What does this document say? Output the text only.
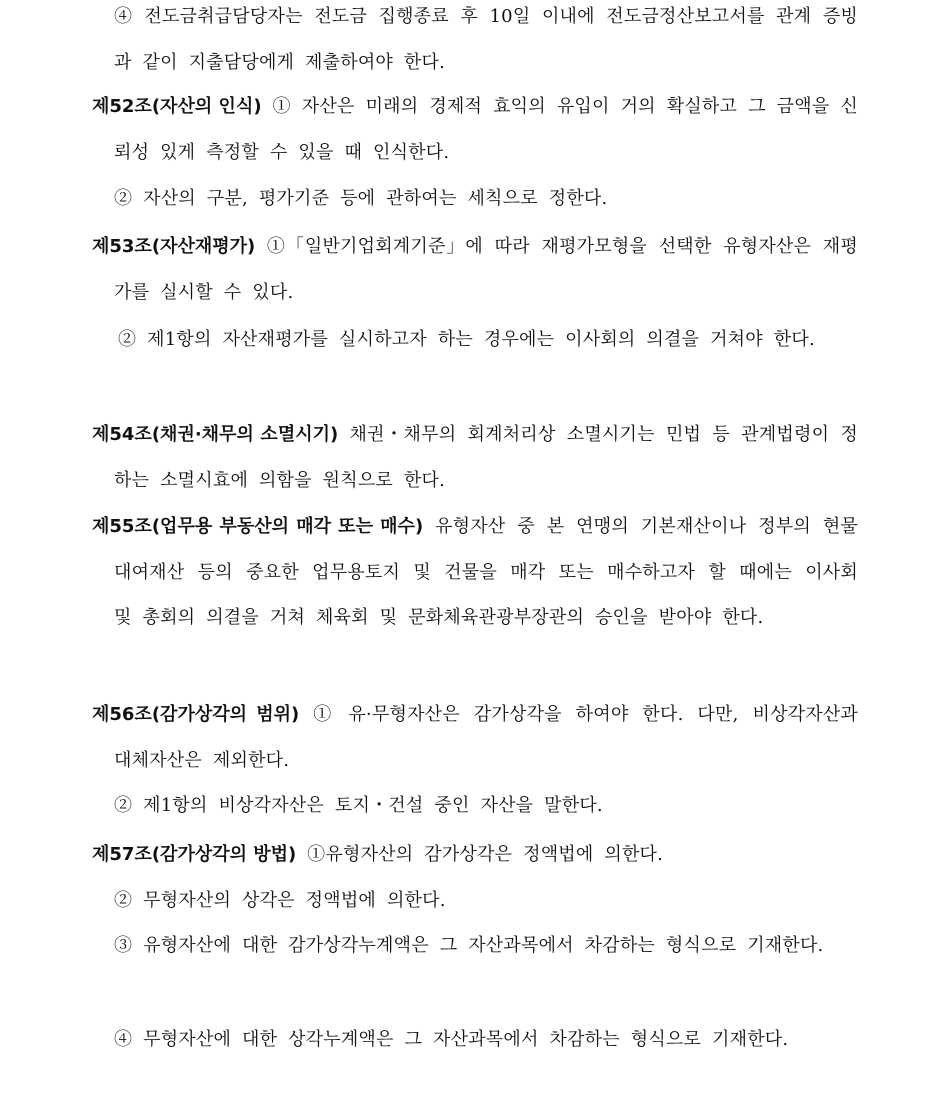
④ 전도금취급담당자는 전도금 집행종료 후 10일 이내에 전도금정산보고서를 관계 증빙과 같이 지출담당에게 제출하여야 한다.

제52조(자산의 인식) ① 자산은 미래의 경제적 효익의 유입이 거의 확실하고 그 금액을 신뢰성 있게 측정할 수 있을 때 인식한다.

② 자산의 구분, 평가기준 등에 관하여는 세칙으로 정한다.

제53조(자산재평가) ①「일반기업회계기준」에 따라 재평가모형을 선택한 유형자산은 재평가를 실시할 수 있다.

② 제1항의 자산재평가를 실시하고자 하는 경우에는 이사회의 의결을 거쳐야 한다.

제54조(채권·채무의 소멸시기) 채권・채무의 회계처리상 소멸시기는 민법 등 관계법령이 정하는 소멸시효에 의함을 원칙으로 한다.

제55조(업무용 부동산의 매각 또는 매수) 유형자산 중 본 연맹의 기본재산이나 정부의 현물대여재산 등의 중요한 업무용토지 및 건물을 매각 또는 매수하고자 할 때에는 이사회 및 총회의 의결을 거쳐 체육회 및 문화체육관광부장관의 승인을 받아야 한다.

제56조(감가상각의 범위) ① 유·무형자산은 감가상각을 하여야 한다. 다만, 비상각자산과 대체자산은 제외한다.

② 제1항의 비상각자산은 토지・건설 중인 자산을 말한다.

제57조(감가상각의 방법) ①유형자산의 감가상각은 정액법에 의한다.

② 무형자산의 상각은 정액법에 의한다.

③ 유형자산에 대한 감가상각누계액은 그 자산과목에서 차감하는 형식으로 기재한다.

④ 무형자산에 대한 상각누계액은 그 자산과목에서 차감하는 형식으로 기재한다.
